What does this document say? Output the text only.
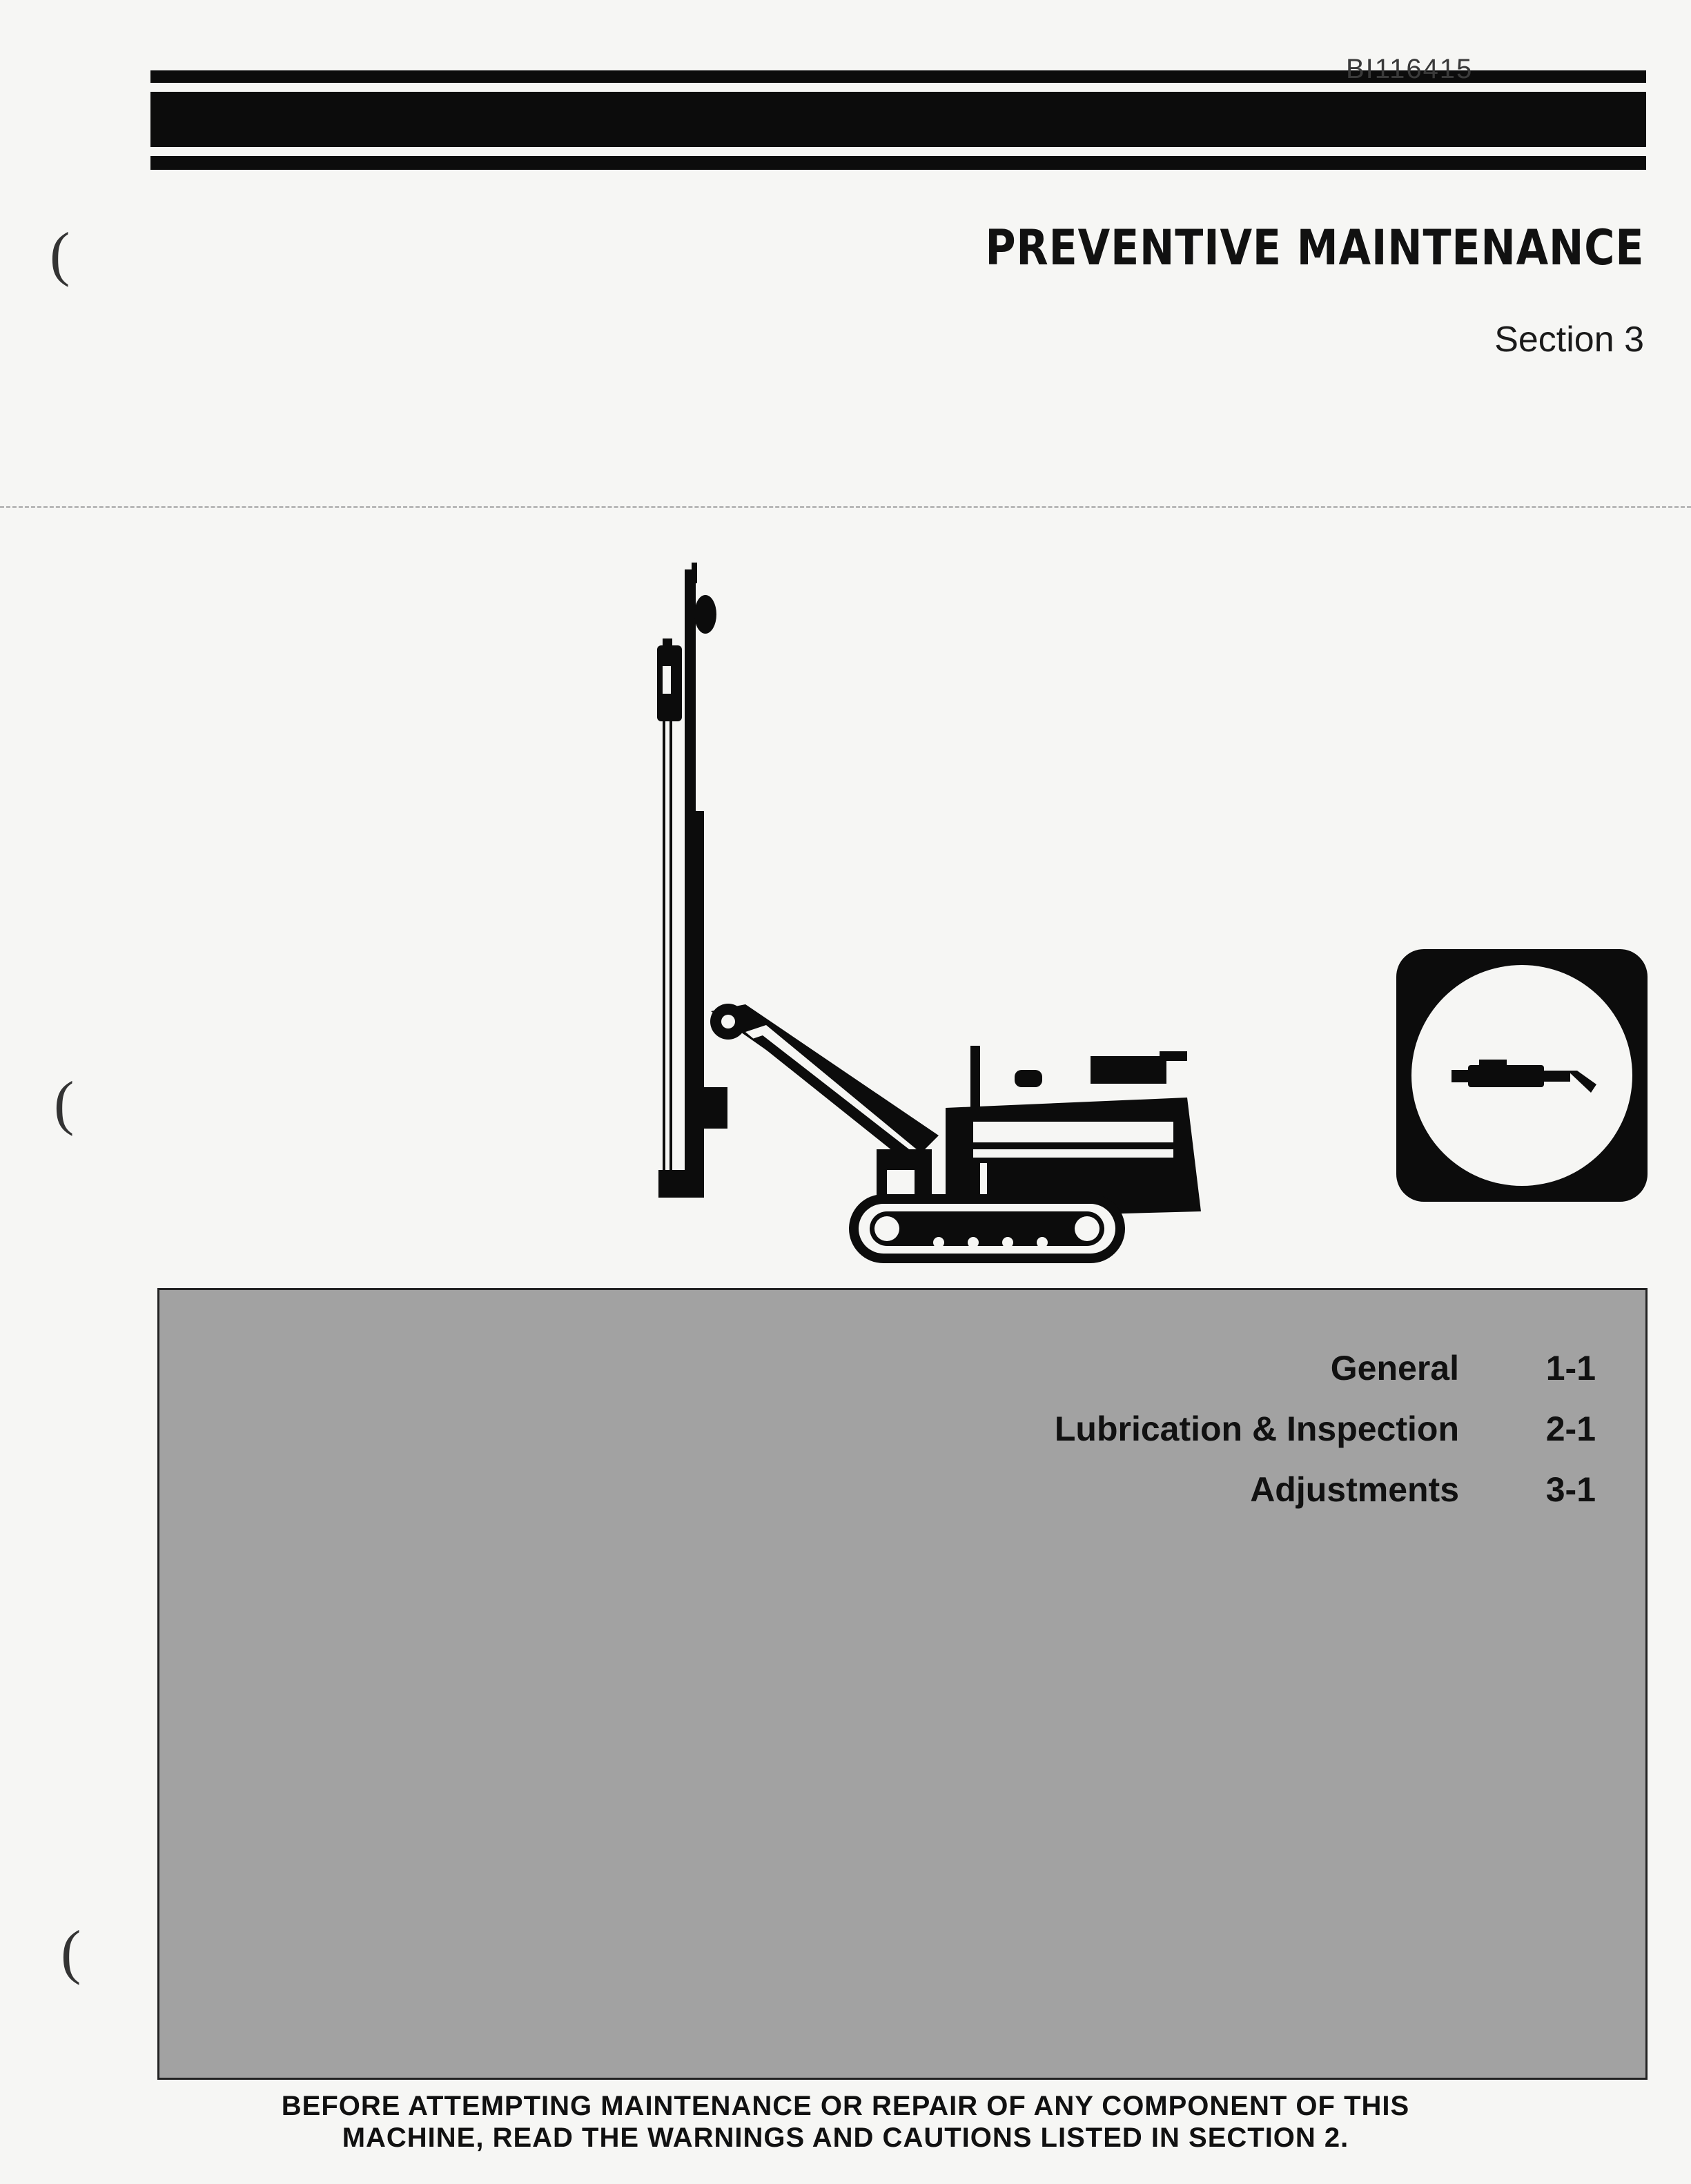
BI116415
PREVENTIVE MAINTENANCE
Section 3
(
(
(
General	1-1
Lubrication & Inspection	2-1
Adjustments	3-1
BEFORE ATTEMPTING MAINTENANCE OR REPAIR OF ANY COMPONENT OF THIS
MACHINE, READ THE WARNINGS AND CAUTIONS LISTED IN SECTION 2.
